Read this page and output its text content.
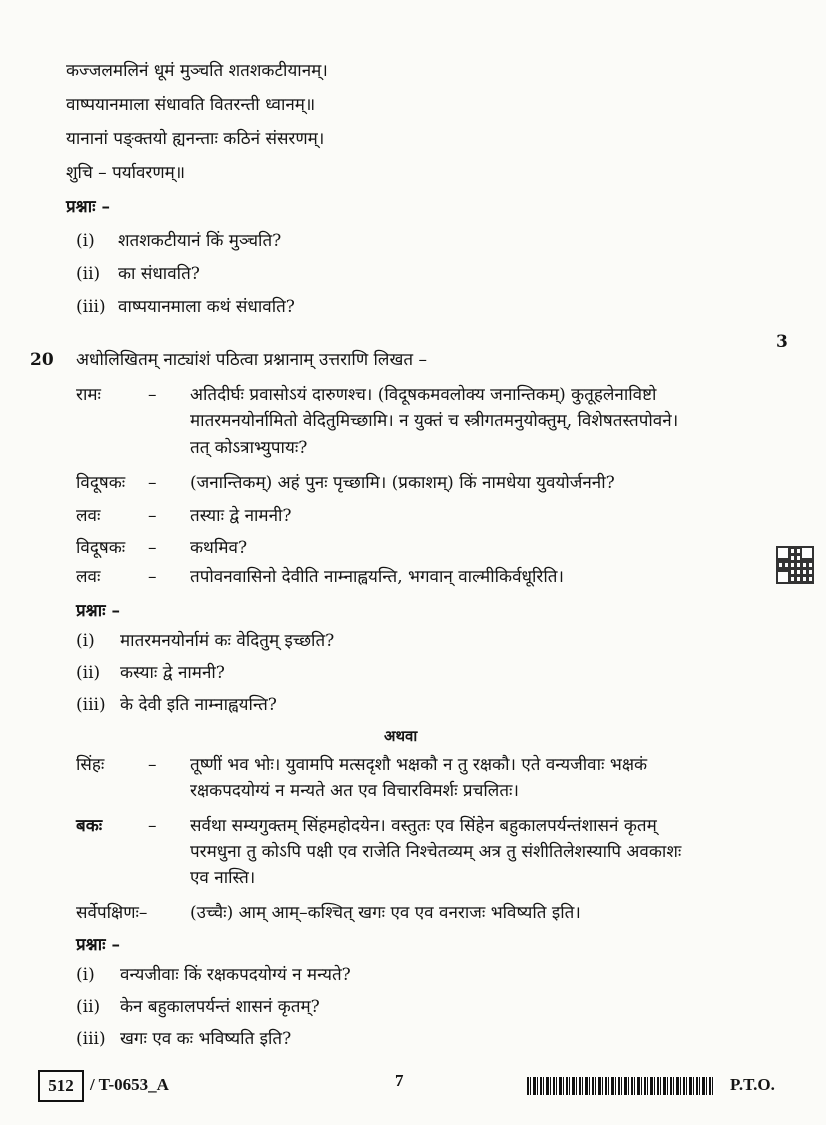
कज्जलमलिनं धूमं मुञ्चति शतशकटीयानम्।
वाष्पयानमाला संधावति वितरन्ती ध्वानम्॥
यानानां पङ्क्तयो ह्यनन्ताः कठिनं संसरणम्।
शुचि – पर्यावरणम्॥
प्रश्नाः –
(i) शतशकटीयानं किं मुञ्चति?
(ii) का संधावति?
(iii) वाष्पयानमाला कथं संधावति?
3
20 अधोलिखितम् नाट्यांशं पठित्वा प्रश्नानाम् उत्तराणि लिखत –
रामः	– अतिदीर्घः प्रवासोऽयं दारुणश्च। (विदूषकमवलोक्य जनान्तिकम्) कुतूहलेनाविष्टो
मातरमनयोर्नामितो वेदितुमिच्छामि। न युक्तं च स्त्रीगतमनुयोक्तुम्, विशेषतस्तपोवने।
तत् कोऽत्राभ्युपायः?
विदूषकः – (जनान्तिकम्) अहं पुनः पृच्छामि। (प्रकाशम्) किं नामधेया युवयोर्जननी?
लवः	– तस्याः द्वे नामनी?
विदूषकः – कथमिव?
लवः	– तपोवनवासिनो देवीति नाम्नाह्वयन्ति, भगवान् वाल्मीकिर्वधूरिति।
प्रश्नाः –
(i) मातरमनयोर्नामं कः वेदितुम् इच्छति?
(ii) कस्याः द्वे नामनी?
(iii) के देवी इति नाम्नाह्वयन्ति?
अथवा
सिंहः	– तूष्णीं भव भोः। युवामपि मत्सदृशौ भक्षकौ न तु रक्षकौ। एते वन्यजीवाः भक्षकं
रक्षकपदयोग्यं न मन्यते अत एव विचारविमर्शः प्रचलितः।
बकः	– सर्वथा सम्यगुक्तम् सिंहमहोदयेन। वस्तुतः एव सिंहेन बहुकालपर्यन्तंशासनं कृतम्
परमधुना तु कोऽपि पक्षी एव राजेति निश्चेतव्यम् अत्र तु संशीतिलेशस्यापि अवकाशः
एव नास्ति।
सर्वेपक्षिणः–	(उच्चैः) आम् आम्–कश्चित् खगः एव एव वनराजः भविष्यति इति।
प्रश्नाः –
(i) वन्यजीवाः किं रक्षकपदयोग्यं न मन्यते?
(ii) केन बहुकालपर्यन्तं शासनं कृतम्?
(iii) खगः एव कः भविष्यति इति?
512 / T-0653_A	7	P.T.O.
